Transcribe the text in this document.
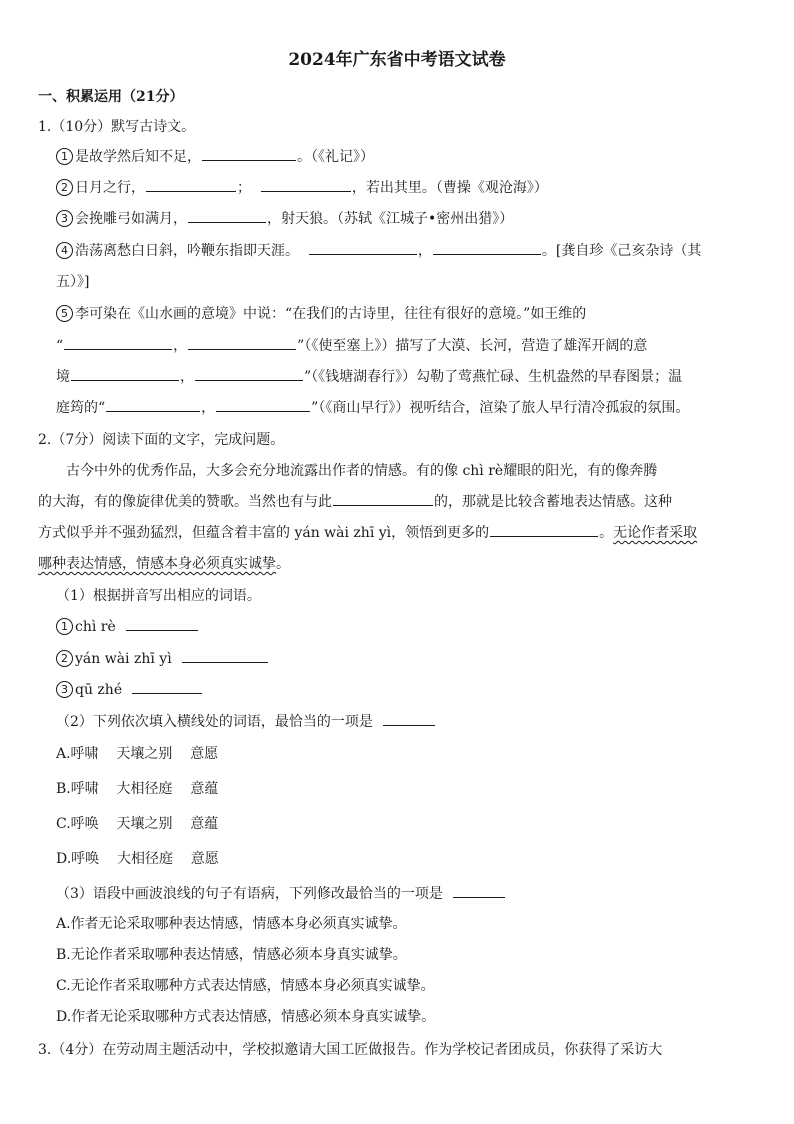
2024年广东省中考语文试卷
一、积累运用（21分）
1.（10分）默写古诗文。
1 是故学然后知不足，	。（《礼记》）
2 日月之行，	；	，若出其里。（曹操《观沧海》）
3 会挽雕弓如满月，	，射天狼。（苏轼《江城子•密州出猎》）
4 浩荡离愁白日斜，吟鞭东指即天涯。	，	。[龚自珍《己亥杂诗（其
五）》]
5 李可染在《山水画的意境》中说：“在我们的古诗里，往往有很好的意境。”如王维的
“	，	”（《使至塞上》）描写了大漠、长河，营造了雄浑开阔的意
境	，	”（《钱塘湖春行》）勾勒了莺燕忙碌、生机盎然的早春图景；温
庭筠的“	，	”（《商山早行》）视听结合，渲染了旅人早行清冷孤寂的氛围。
2.（7分）阅读下面的文字，完成问题。
古今中外的优秀作品，大多会充分地流露出作者的情感。有的像 chì rè耀眼的阳光，有的像奔腾
的大海，有的像旋律优美的赞歌。当然也有与此	的，那就是比较含蓄地表达情感。这种
方式似乎并不强劲猛烈，但蕴含着丰富的 yán wài zhī yì，领悟到更多的	。无论作者采取
哪种表达情感，情感本身必须真实诚挚。
（1）根据拼音写出相应的词语。
1 chì rè
2 yán wài zhī yì
3 qū zhé
（2）下列依次填入横线处的词语，最恰当的一项是
A.呼啸    天壤之别    意愿
B.呼啸    大相径庭    意蕴
C.呼唤    天壤之别    意蕴
D.呼唤    大相径庭    意愿
（3）语段中画波浪线的句子有语病，下列修改最恰当的一项是
A.作者无论采取哪种表达情感，情感本身必须真实诚挚。
B.无论作者采取哪种表达情感，情感必须本身真实诚挚。
C.无论作者采取哪种方式表达情感，情感本身必须真实诚挚。
D.作者无论采取哪种方式表达情感，情感必须本身真实诚挚。
3.（4分）在劳动周主题活动中，学校拟邀请大国工匠做报告。作为学校记者团成员，你获得了采访大
